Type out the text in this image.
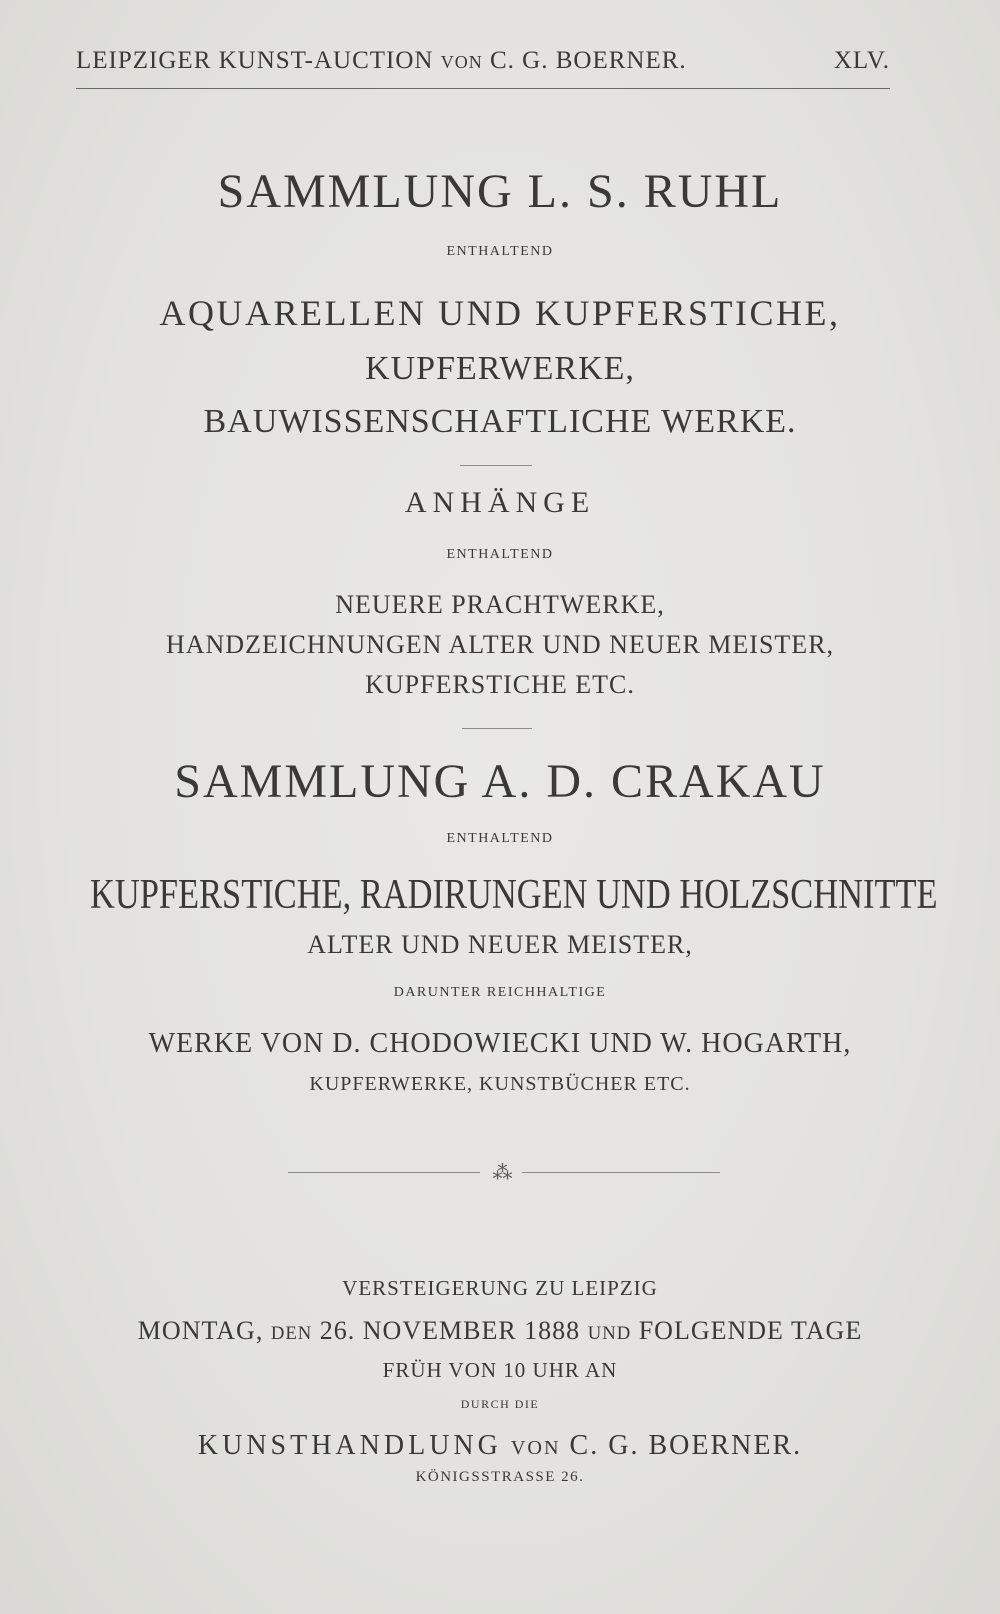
LEIPZIGER KUNST-AUCTION VON C. G. BOERNER.	XLV.
SAMMLUNG L. S. RUHL
ENTHALTEND
AQUARELLEN UND KUPFERSTICHE,
KUPFERWERKE,
BAUWISSENSCHAFTLICHE WERKE.
ANHÄNGE
ENTHALTEND
NEUERE PRACHTWERKE,
HANDZEICHNUNGEN ALTER UND NEUER MEISTER,
KUPFERSTICHE ETC.
SAMMLUNG A. D. CRAKAU
ENTHALTEND
KUPFERSTICHE, RADIRUNGEN UND HOLZSCHNITTE
ALTER UND NEUER MEISTER,
DARUNTER REICHHALTIGE
WERKE VON D. CHODOWIECKI UND W. HOGARTH,
KUPFERWERKE, KUNSTBÜCHER ETC.
⁂
VERSTEIGERUNG ZU LEIPZIG
MONTAG, DEN 26. NOVEMBER 1888 UND FOLGENDE TAGE
FRÜH VON 10 UHR AN
DURCH DIE
KUNSTHANDLUNG VON C. G. BOERNER.
KÖNIGSSTRASSE 26.
